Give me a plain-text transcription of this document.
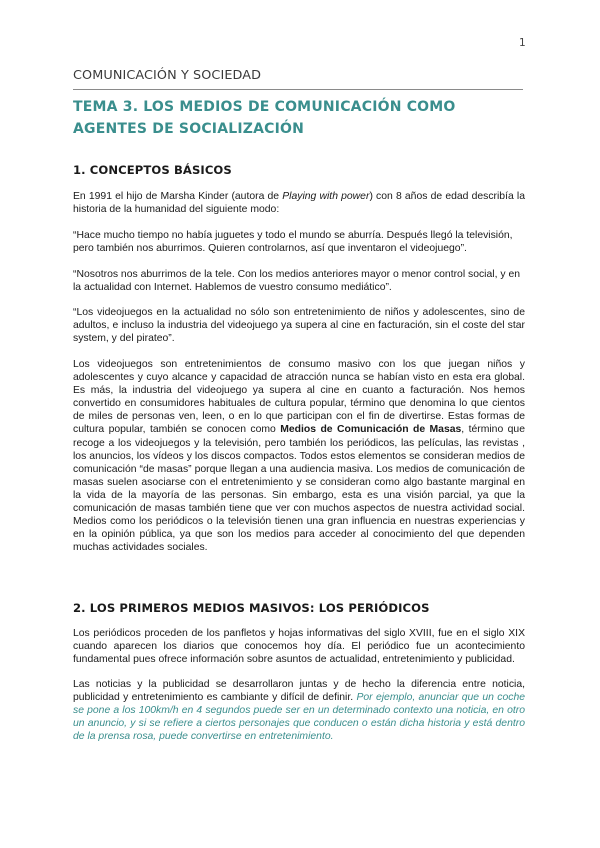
1
COMUNICACIÓN Y SOCIEDAD
TEMA 3. LOS MEDIOS DE COMUNICACIÓN COMO AGENTES DE SOCIALIZACIÓN
1. CONCEPTOS BÁSICOS

En 1991 el hijo de Marsha Kinder (autora de Playing with power) con 8 años de edad describía la historia de la humanidad del siguiente modo:

“Hace mucho tiempo no había juguetes y todo el mundo se aburría. Después llegó la televisión, pero también nos aburrimos. Quieren controlarnos, así que inventaron el videojuego”.

“Nosotros nos aburrimos de la tele. Con los medios anteriores mayor o menor control social, y en la actualidad con Internet. Hablemos de vuestro consumo mediático”.

“Los videojuegos en la actualidad no sólo son entretenimiento de niños y adolescentes, sino de adultos, e incluso la industria del videojuego ya supera al cine en facturación, sin el coste del star system, y del pirateo”.

Los videojuegos son entretenimientos de consumo masivo con los que juegan niños y adolescentes y cuyo alcance y capacidad de atracción nunca se habían visto en esta era global. Es más, la industria del videojuego ya supera al cine en cuanto a facturación. Nos hemos convertido en consumidores habituales de cultura popular, término que denomina lo que cientos de miles de personas ven, leen, o en lo que participan con el fin de divertirse. Estas formas de cultura popular, también se conocen como Medios de Comunicación de Masas, término que recoge a los videojuegos y la televisión, pero también los periódicos, las películas, las revistas , los anuncios, los vídeos y los discos compactos. Todos estos elementos se consideran medios de comunicación “de masas” porque llegan a una audiencia masiva. Los medios de comunicación de masas suelen asociarse con el entretenimiento y se consideran como algo bastante marginal en la vida de la mayoría de las personas. Sin embargo, esta es una visión parcial, ya que la comunicación de masas también tiene que ver con muchos aspectos de nuestra actividad social. Medios como los periódicos o la televisión tienen una gran influencia en nuestras experiencias y en la opinión pública, ya que son los medios para acceder al conocimiento del que dependen muchas actividades sociales.

2. LOS PRIMEROS MEDIOS MASIVOS: LOS PERIÓDICOS

Los periódicos proceden de los panfletos y hojas informativas del siglo XVIII, fue en el siglo XIX cuando aparecen los diarios que conocemos hoy día. El periódico fue un acontecimiento fundamental pues ofrece información sobre asuntos de actualidad, entretenimiento y publicidad.

Las noticias y la publicidad se desarrollaron juntas y de hecho la diferencia entre noticia, publicidad y entretenimiento es cambiante y difícil de definir. Por ejemplo, anunciar que un coche se pone a los 100km/h en 4 segundos puede ser en un determinado contexto una noticia, en otro un anuncio, y si se refiere a ciertos personajes que conducen o están dicha historia y está dentro de la prensa rosa, puede convertirse en entretenimiento.
